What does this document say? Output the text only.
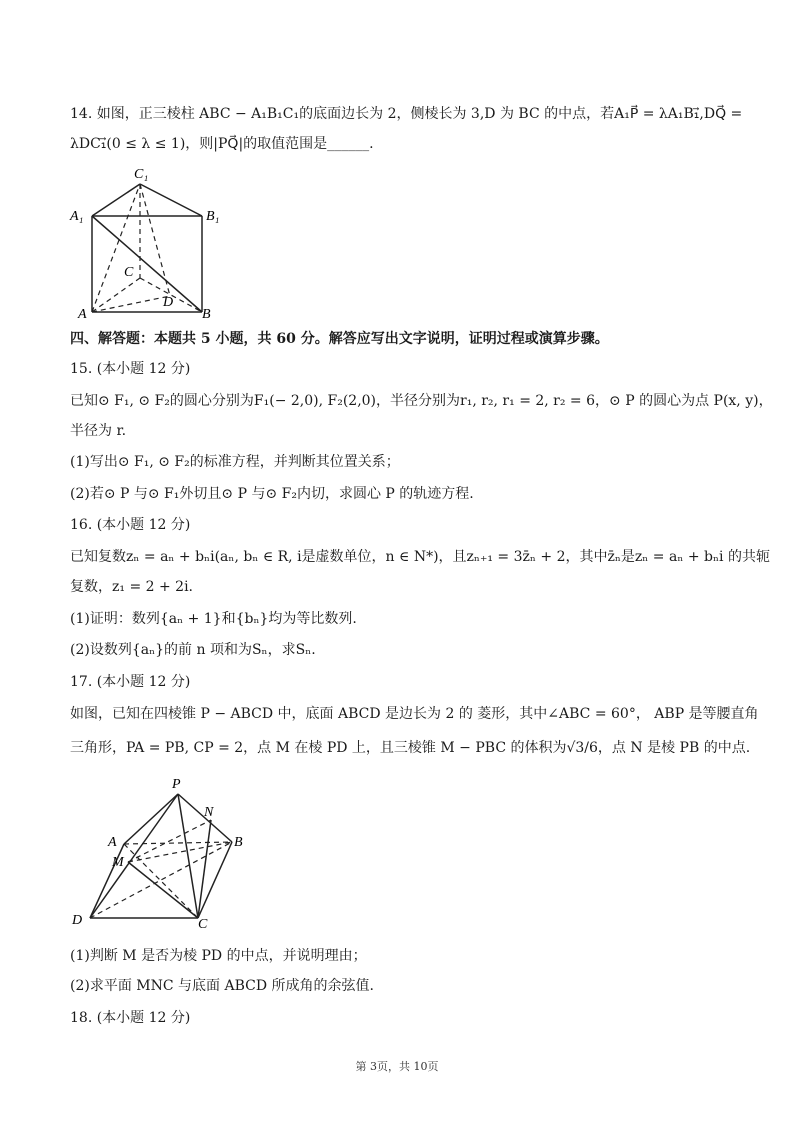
14. 如图，正三棱柱 ABC − A₁B₁C₁的底面边长为 2，侧棱长为 3,D 为 BC 的中点，若A₁P⃗ = λA₁B₁⃗,DQ⃗ =
λDC₁⃗(0 ≤ λ ≤ 1)，则|PQ⃗|的取值范围是______.
C₁
A₁	B₁
C
D
A	B
四、解答题：本题共 5 小题，共 60 分。解答应写出文字说明，证明过程或演算步骤。
15. (本小题 12 分)
已知⊙ F₁, ⊙ F₂的圆心分别为F₁(− 2,0), F₂(2,0)，半径分别为r₁, r₂, r₁ = 2, r₂ = 6，⊙ P 的圆心为点 P(x, y)，
半径为 r.
(1)写出⊙ F₁, ⊙ F₂的标准方程，并判断其位置关系；
(2)若⊙ P 与⊙ F₁外切且⊙ P 与⊙ F₂内切，求圆心 P 的轨迹方程.
16. (本小题 12 分)
已知复数zₙ = aₙ + bₙi(aₙ, bₙ ∈ R, i是虚数单位，n ∈ N*)，且zₙ₊₁ = 3z̄ₙ + 2，其中z̄ₙ是zₙ = aₙ + bₙi 的共轭
复数，z₁ = 2 + 2i.
(1)证明：数列{aₙ + 1}和{bₙ}均为等比数列.
(2)设数列{aₙ}的前 n 项和为Sₙ，求Sₙ.
17. (本小题 12 分)
如图，已知在四棱锥 P − ABCD 中，底面 ABCD 是边长为 2 的 菱形，其中∠ABC = 60°， ABP 是等腰直角
三角形，PA = PB, CP = 2，点 M 在棱 PD 上，且三棱锥 M − PBC 的体积为√3/6，点 N 是棱 PB 的中点.
P
N
A	B
M
D	C
(1)判断 M 是否为棱 PD 的中点，并说明理由；
(2)求平面 MNC 与底面 ABCD 所成角的余弦值.
18. (本小题 12 分)
第 3页，共 10页
